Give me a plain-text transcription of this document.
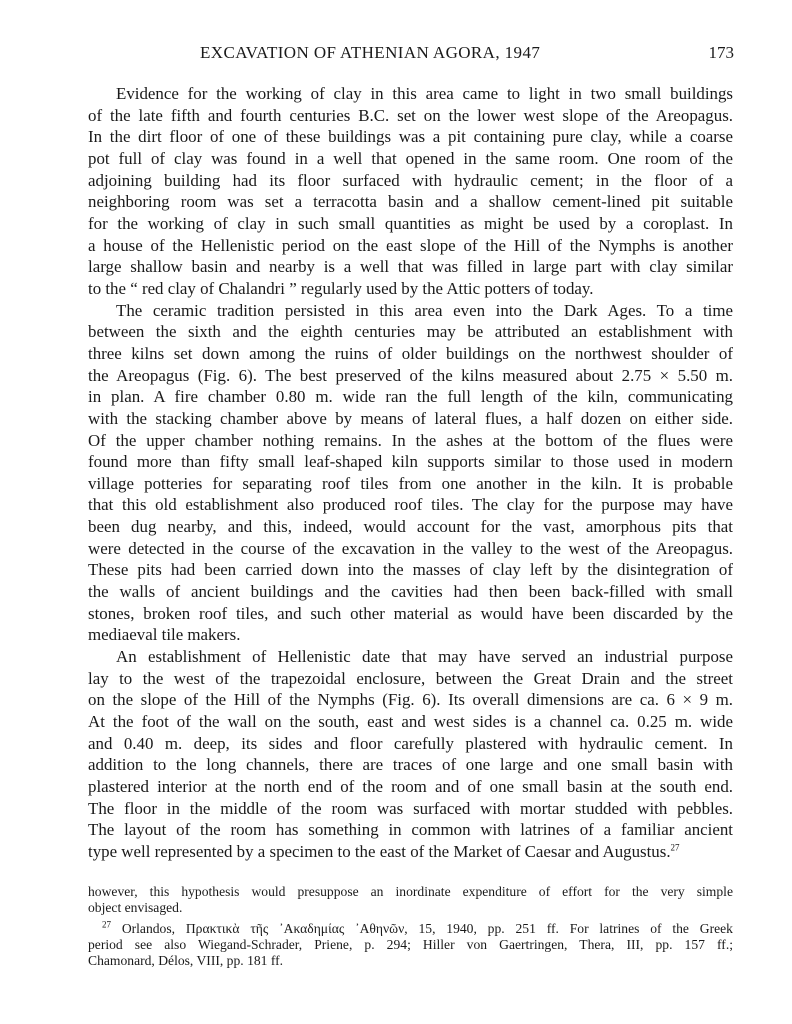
EXCAVATION OF ATHENIAN AGORA, 1947	173

Evidence for the working of clay in this area came to light in two small buildings
of the late fifth and fourth centuries B.C. set on the lower west slope of the Areopagus.
In the dirt floor of one of these buildings was a pit containing pure clay, while a coarse
pot full of clay was found in a well that opened in the same room. One room of the
adjoining building had its floor surfaced with hydraulic cement; in the floor of a
neighboring room was set a terracotta basin and a shallow cement-lined pit suitable
for the working of clay in such small quantities as might be used by a coroplast. In
a house of the Hellenistic period on the east slope of the Hill of the Nymphs is another
large shallow basin and nearby is a well that was filled in large part with clay similar
to the “ red clay of Chalandri ” regularly used by the Attic potters of today.

The ceramic tradition persisted in this area even into the Dark Ages. To a time
between the sixth and the eighth centuries may be attributed an establishment with
three kilns set down among the ruins of older buildings on the northwest shoulder of
the Areopagus (Fig. 6). The best preserved of the kilns measured about 2.75 × 5.50 m.
in plan. A fire chamber 0.80 m. wide ran the full length of the kiln, communicating
with the stacking chamber above by means of lateral flues, a half dozen on either side.
Of the upper chamber nothing remains. In the ashes at the bottom of the flues were
found more than fifty small leaf-shaped kiln supports similar to those used in modern
village potteries for separating roof tiles from one another in the kiln. It is probable
that this old establishment also produced roof tiles. The clay for the purpose may have
been dug nearby, and this, indeed, would account for the vast, amorphous pits that
were detected in the course of the excavation in the valley to the west of the Areopagus.
These pits had been carried down into the masses of clay left by the disintegration of
the walls of ancient buildings and the cavities had then been back-filled with small
stones, broken roof tiles, and such other material as would have been discarded by the
mediaeval tile makers.

An establishment of Hellenistic date that may have served an industrial purpose
lay to the west of the trapezoidal enclosure, between the Great Drain and the street
on the slope of the Hill of the Nymphs (Fig. 6). Its overall dimensions are ca. 6 × 9 m.
At the foot of the wall on the south, east and west sides is a channel ca. 0.25 m. wide
and 0.40 m. deep, its sides and floor carefully plastered with hydraulic cement. In
addition to the long channels, there are traces of one large and one small basin with
plastered interior at the north end of the room and of one small basin at the south end.
The floor in the middle of the room was surfaced with mortar studded with pebbles.
The layout of the room has something in common with latrines of a familiar ancient
type well represented by a specimen to the east of the Market of Caesar and Augustus.$^{27}$

however, this hypothesis would presuppose an inordinate expenditure of effort for the very simple
object envisaged.

$^{27}$ Orlandos, Πρακτικὰ τῆς ᾿Ακαδημίας ᾿Αθηνῶν, 15, 1940, pp. 251 ff. For latrines of the Greek
period see also Wiegand-Schrader, Priene, p. 294; Hiller von Gaertringen, Thera, III, pp. 157 ff.;
Chamonard, Délos, VIII, pp. 181 ff.
